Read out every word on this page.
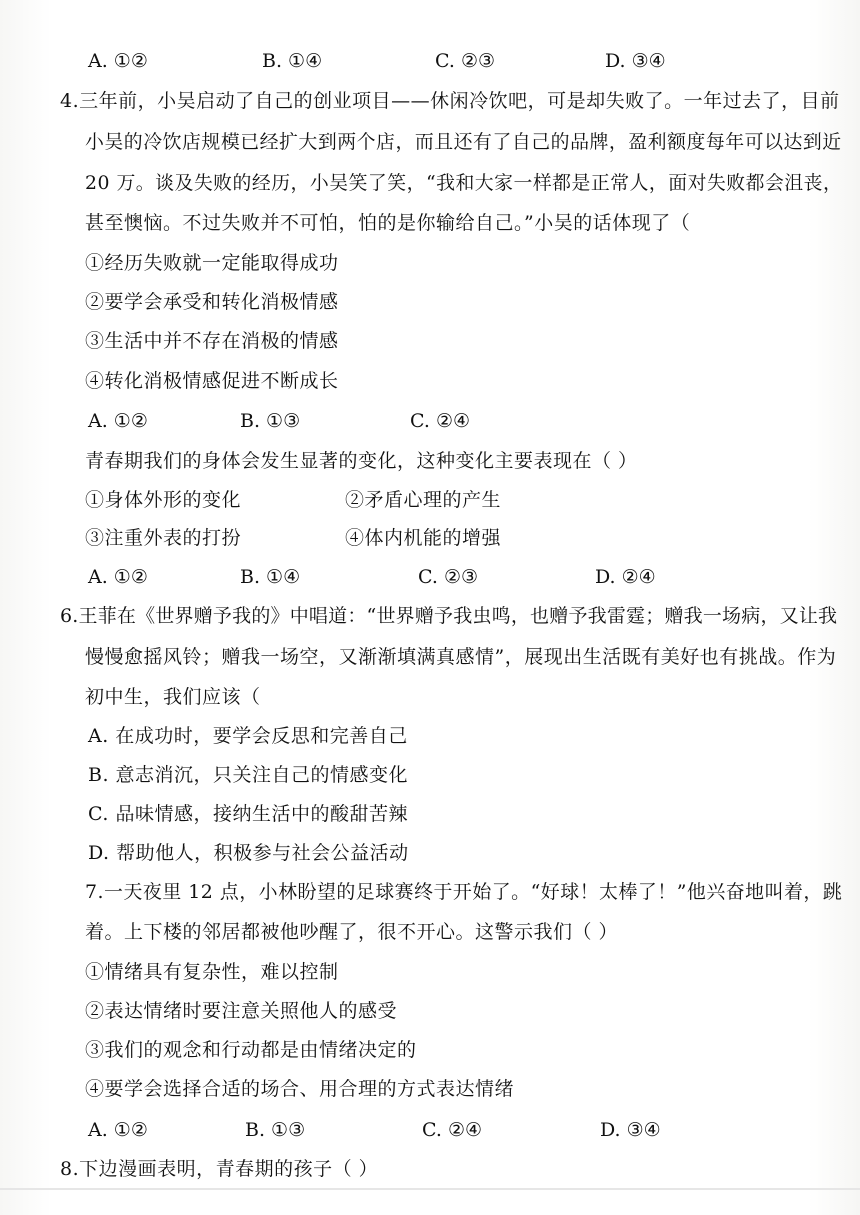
A. ①②	B. ①④	C. ②③	D. ③④
4.三年前，小吴启动了自己的创业项目——休闲冷饮吧，可是却失败了。一年过去了，目前
小吴的冷饮店规模已经扩大到两个店，而且还有了自己的品牌，盈利额度每年可以达到近
20 万。谈及失败的经历，小吴笑了笑，“我和大家一样都是正常人，面对失败都会沮丧，
甚至懊恼。不过失败并不可怕，怕的是你输给自己。”小吴的话体现了（
①经历失败就一定能取得成功
②要学会承受和转化消极情感
③生活中并不存在消极的情感
④转化消极情感促进不断成长
A. ①②	B. ①③	C. ②④
青春期我们的身体会发生显著的变化，这种变化主要表现在（ ）
①身体外形的变化	②矛盾心理的产生
③注重外表的打扮	④体内机能的增强
A. ①②	B. ①④	C. ②③	D. ②④
6.王菲在《世界赠予我的》中唱道：“世界赠予我虫鸣，也赠予我雷霆；赠我一场病，又让我
慢慢愈摇风铃；赠我一场空，又渐渐填满真感情”，展现出生活既有美好也有挑战。作为
初中生，我们应该（
A. 在成功时，要学会反思和完善自己
B. 意志消沉，只关注自己的情感变化
C. 品味情感，接纳生活中的酸甜苦辣
D. 帮助他人，积极参与社会公益活动
7.一天夜里 12 点，小林盼望的足球赛终于开始了。“好球！太棒了！”他兴奋地叫着，跳
着。上下楼的邻居都被他吵醒了，很不开心。这警示我们（ ）
①情绪具有复杂性，难以控制
②表达情绪时要注意关照他人的感受
③我们的观念和行动都是由情绪决定的
④要学会选择合适的场合、用合理的方式表达情绪
A. ①②	B. ①③	C. ②④	D. ③④
8.下边漫画表明，青春期的孩子（ ）
